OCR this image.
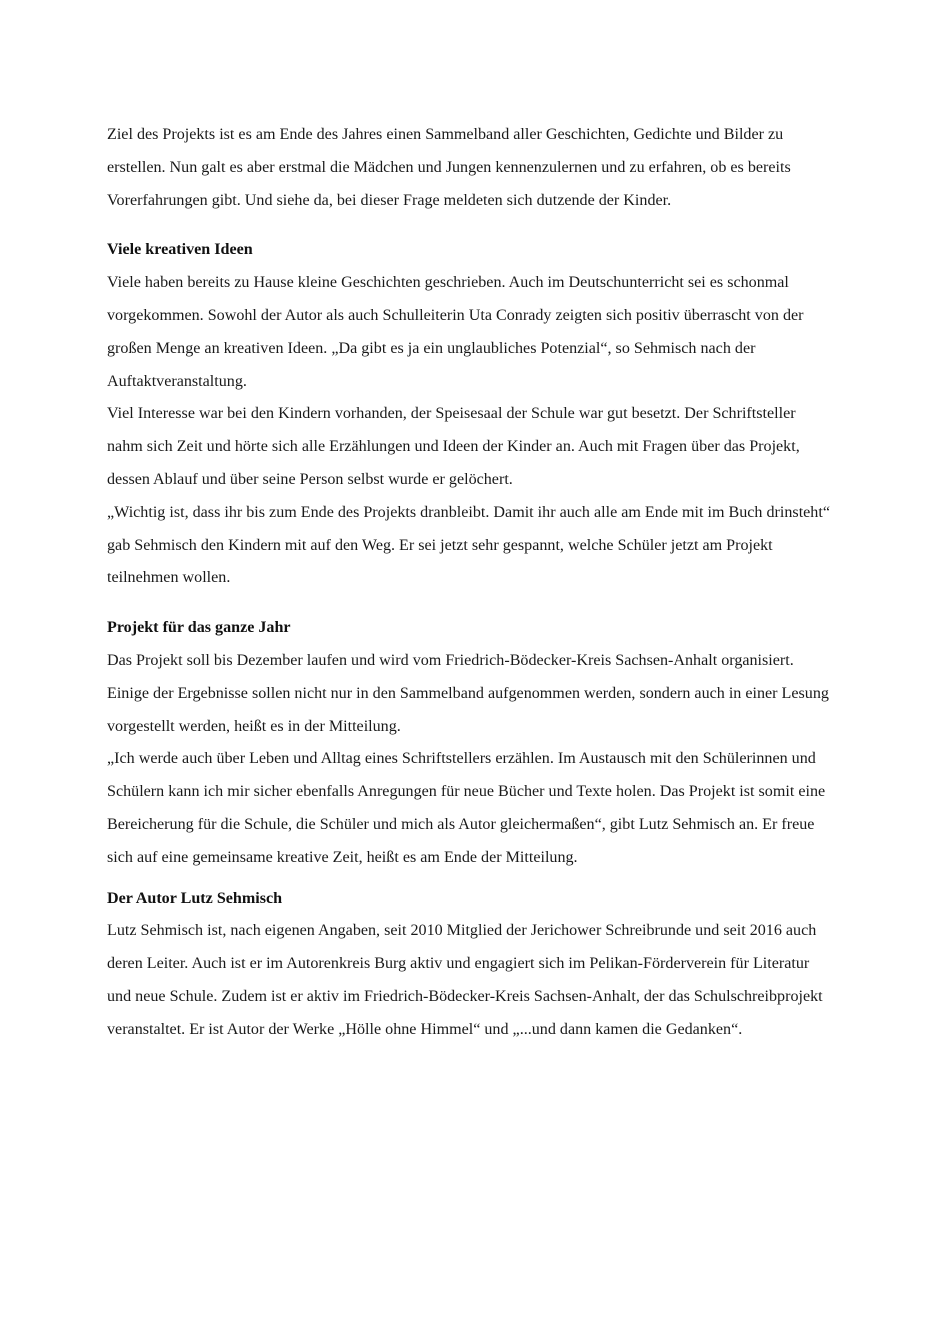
Ziel des Projekts ist es am Ende des Jahres einen Sammelband aller Geschichten, Gedichte und Bilder zu erstellen. Nun galt es aber erstmal die Mädchen und Jungen kennenzulernen und zu erfahren, ob es bereits Vorerfahrungen gibt. Und siehe da, bei dieser Frage meldeten sich dutzende der Kinder.

Viele kreativen Ideen

Viele haben bereits zu Hause kleine Geschichten geschrieben. Auch im Deutschunterricht sei es schonmal vorgekommen. Sowohl der Autor als auch Schulleiterin Uta Conrady zeigten sich positiv überrascht von der großen Menge an kreativen Ideen. „Da gibt es ja ein unglaubliches Potenzial“, so Sehmisch nach der Auftaktveranstaltung.

Viel Interesse war bei den Kindern vorhanden, der Speisesaal der Schule war gut besetzt. Der Schriftsteller nahm sich Zeit und hörte sich alle Erzählungen und Ideen der Kinder an. Auch mit Fragen über das Projekt, dessen Ablauf und über seine Person selbst wurde er gelöchert.

„Wichtig ist, dass ihr bis zum Ende des Projekts dranbleibt. Damit ihr auch alle am Ende mit im Buch drinsteht“ gab Sehmisch den Kindern mit auf den Weg. Er sei jetzt sehr gespannt, welche Schüler jetzt am Projekt teilnehmen wollen.

Projekt für das ganze Jahr

Das Projekt soll bis Dezember laufen und wird vom Friedrich-Bödecker-Kreis Sachsen-Anhalt organisiert. Einige der Ergebnisse sollen nicht nur in den Sammelband aufgenommen werden, sondern auch in einer Lesung vorgestellt werden, heißt es in der Mitteilung.

„Ich werde auch über Leben und Alltag eines Schriftstellers erzählen. Im Austausch mit den Schülerinnen und Schülern kann ich mir sicher ebenfalls Anregungen für neue Bücher und Texte holen. Das Projekt ist somit eine Bereicherung für die Schule, die Schüler und mich als Autor gleichermaßen“, gibt Lutz Sehmisch an. Er freue sich auf eine gemeinsame kreative Zeit, heißt es am Ende der Mitteilung.

Der Autor Lutz Sehmisch

Lutz Sehmisch ist, nach eigenen Angaben, seit 2010 Mitglied der Jerichower Schreibrunde und seit 2016 auch deren Leiter. Auch ist er im Autorenkreis Burg aktiv und engagiert sich im Pelikan-Förderverein für Literatur und neue Schule. Zudem ist er aktiv im Friedrich-Bödecker-Kreis Sachsen-Anhalt, der das Schulschreibprojekt veranstaltet. Er ist Autor der Werke „Hölle ohne Himmel“ und „...und dann kamen die Gedanken“.
